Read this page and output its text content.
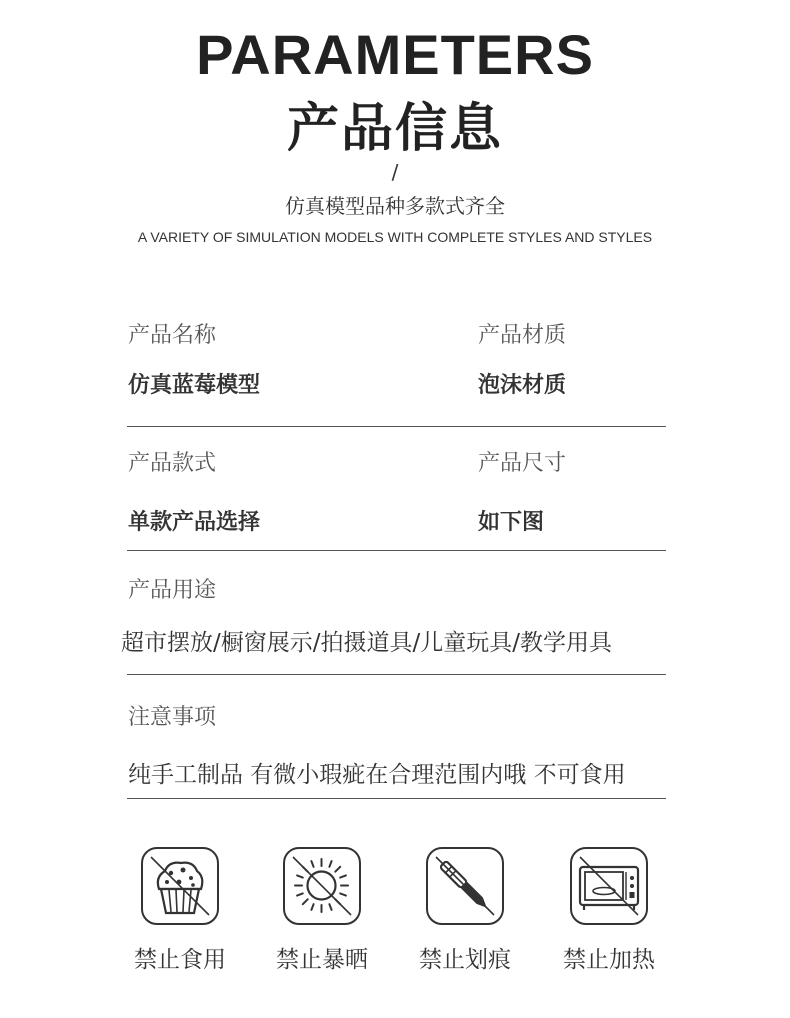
PARAMETERS
产品信息
/
仿真模型品种多款式齐全
A VARIETY OF SIMULATION MODELS WITH COMPLETE STYLES AND STYLES
产品名称
仿真蓝莓模型
产品材质
泡沫材质
产品款式
单款产品选择
产品尺寸
如下图
产品用途
超市摆放/橱窗展示/拍摄道具/儿童玩具/教学用具
注意事项
纯手工制品 有微小瑕疵在合理范围内哦 不可食用
禁止食用	禁止暴晒	禁止划痕	禁止加热
